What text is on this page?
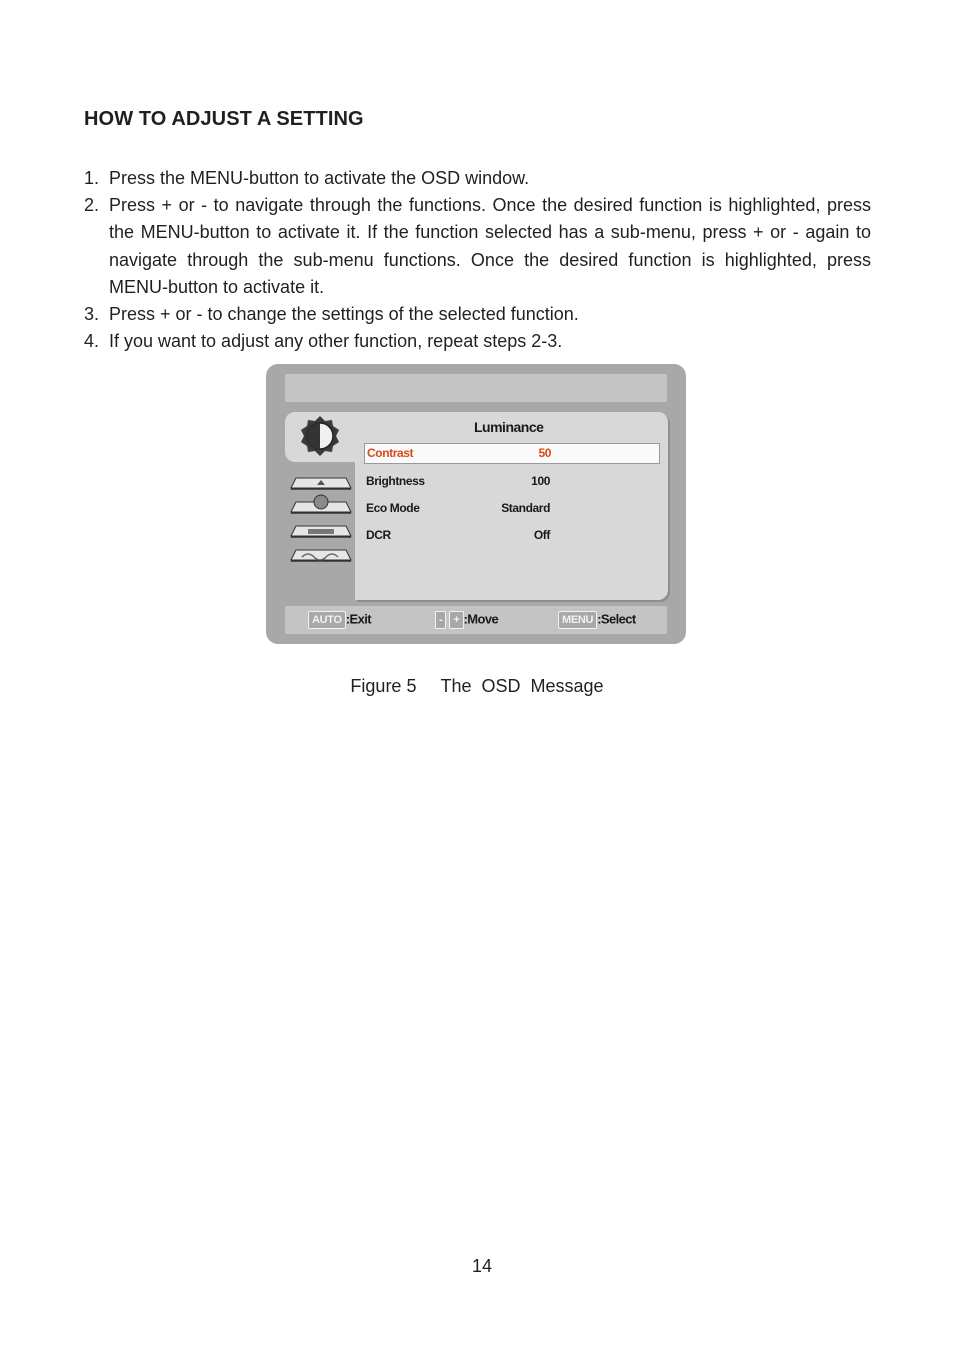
HOW TO ADJUST A SETTING
1. Press the MENU-button to activate the OSD window.
2. Press + or - to navigate through the functions. Once the desired function is highlighted, press the MENU-button to activate it. If the function selected has a sub-menu, press + or - again to navigate through the sub-menu functions. Once the desired function is highlighted, press MENU-button to activate it.
3. Press + or - to change the settings of the selected function.
4. If you want to adjust any other function, repeat steps 2-3.
Luminance
Contrast	50
Brightness	100
Eco Mode	Standard
DCR	Off
AUTO :Exit	- + :Move	MENU :Select
Figure 5 The  OSD  Message
14
